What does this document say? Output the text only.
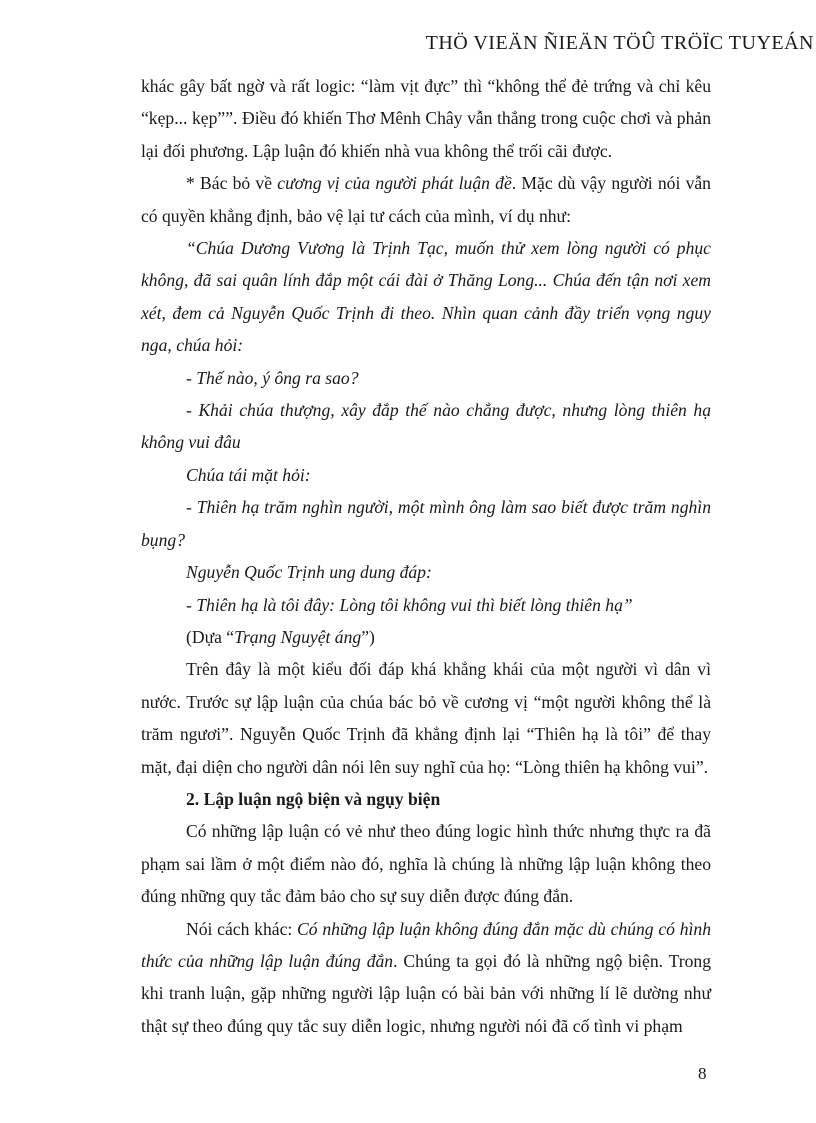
THÖ VIEÄN ÑIEÄN TÖÛ TRÖÏC TUYEÁN

khác gây bất ngờ và rất logic: “làm vịt đực” thì “không thể đẻ trứng và chỉ kêu “kẹp... kẹp””. Điều đó khiến Thơ Mênh Chây vẫn thắng trong cuộc chơi và phản lại đối phương. Lập luận đó khiến nhà vua không thể trối cãi được.

* Bác bỏ về cương vị của người phát luận đề. Mặc dù vậy người nói vẫn có quyền khẳng định, bảo vệ lại tư cách của mình, ví dụ như:

“Chúa Dương Vương là Trịnh Tạc, muốn thử xem lòng người có phục không, đã sai quân lính đắp một cái đài ở Thăng Long... Chúa đến tận nơi xem xét, đem cả Nguyễn Quốc Trịnh đi theo. Nhìn quan cảnh đầy triển vọng nguy nga, chúa hỏi:

- Thế nào, ý ông ra sao?

- Khải chúa thượng, xây đắp thế nào chẳng được, nhưng lòng thiên hạ không vui đâu

Chúa tái mặt hỏi:

- Thiên hạ trăm nghìn người, một mình ông làm sao biết được trăm nghìn bụng?

Nguyễn Quốc Trịnh ung dung đáp:

- Thiên hạ là tôi đây: Lòng tôi không vui thì biết lòng thiên hạ”

(Dựa “Trạng Nguyệt áng”)

Trên đây là một kiểu đối đáp khá khẳng khái của một người vì dân vì nước. Trước sự lập luận của chúa bác bỏ về cương vị “một người không thể là trăm ngươi”. Nguyễn Quốc Trịnh đã khẳng định lại “Thiên hạ là tôi” để thay mặt, đại diện cho người dân nói lên suy nghĩ của họ: “Lòng thiên hạ không vui”.

2. Lập luận ngộ biện và ngụy biện

Có những lập luận có vẻ như theo đúng logic hình thức nhưng thực ra đã phạm sai lầm ở một điểm nào đó, nghĩa là chúng là những lập luận không theo đúng những quy tắc đảm bảo cho sự suy diễn được đúng đắn.

Nói cách khác: Có những lập luận không đúng đắn mặc dù chúng có hình thức của những lập luận đúng đắn. Chúng ta gọi đó là những ngộ biện. Trong khi tranh luận, gặp những người lập luận có bài bản với những lí lẽ dường như thật sự theo đúng quy tắc suy diễn logic, nhưng người nói đã cố tình vi phạm

8
